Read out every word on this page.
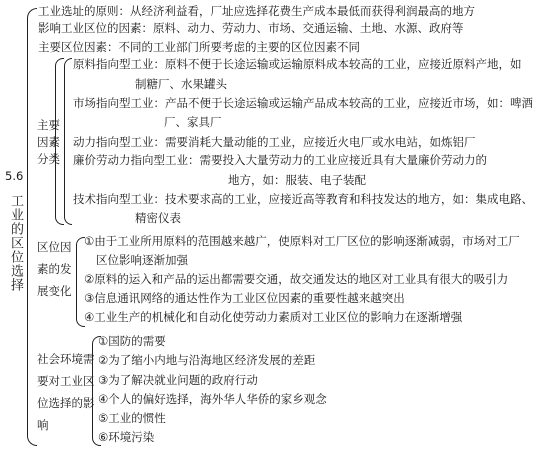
5.6
工业的区位选择
工业选址的原则：从经济利益看，厂址应选择花费生产成本最低而获得利润最高的地方
影响工业区位的因素：原料、动力、劳动力、市场、交通运输、土地、水源、政府等
主要区位因素：不同的工业部门所要考虑的主要的区位因素不同
主要因素分类
原料指向型工业：原料不便于长途运输或运输原料成本较高的工业，应接近原料产地，如
制糖厂、水果罐头
市场指向型工业：产品不便于长途运输或运输产品成本较高的工业，应接近市场，如：啤酒
厂、家具厂
动力指向型工业：需要消耗大量动能的工业，应接近火电厂或水电站，如炼铝厂
廉价劳动力指向型工业：需要投入大量劳动力的工业应接近具有大量廉价劳动力的
地方，如：服装、电子装配
技术指向型工业：技术要求高的工业，应接近高等教育和科技发达的地方，如：集成电路、
精密仪表
区位因素的发展变化
①由于工业所用原料的范围越来越广，使原料对工厂区位的影响逐渐减弱，市场对工厂
区位影响逐渐加强
②原料的运入和产品的运出都需要交通，故交通发达的地区对工业具有很大的吸引力
③信息通讯网络的通达性作为工业区位因素的重要性越来越突出
④工业生产的机械化和自动化使劳动力素质对工业区位的影响力在逐渐增强
社会环境需要对工业区位选择的影响
①国防的需要
②为了缩小内地与沿海地区经济发展的差距
③为了解决就业问题的政府行动
④个人的偏好选择，海外华人华侨的家乡观念
⑤工业的惯性
⑥环境污染
